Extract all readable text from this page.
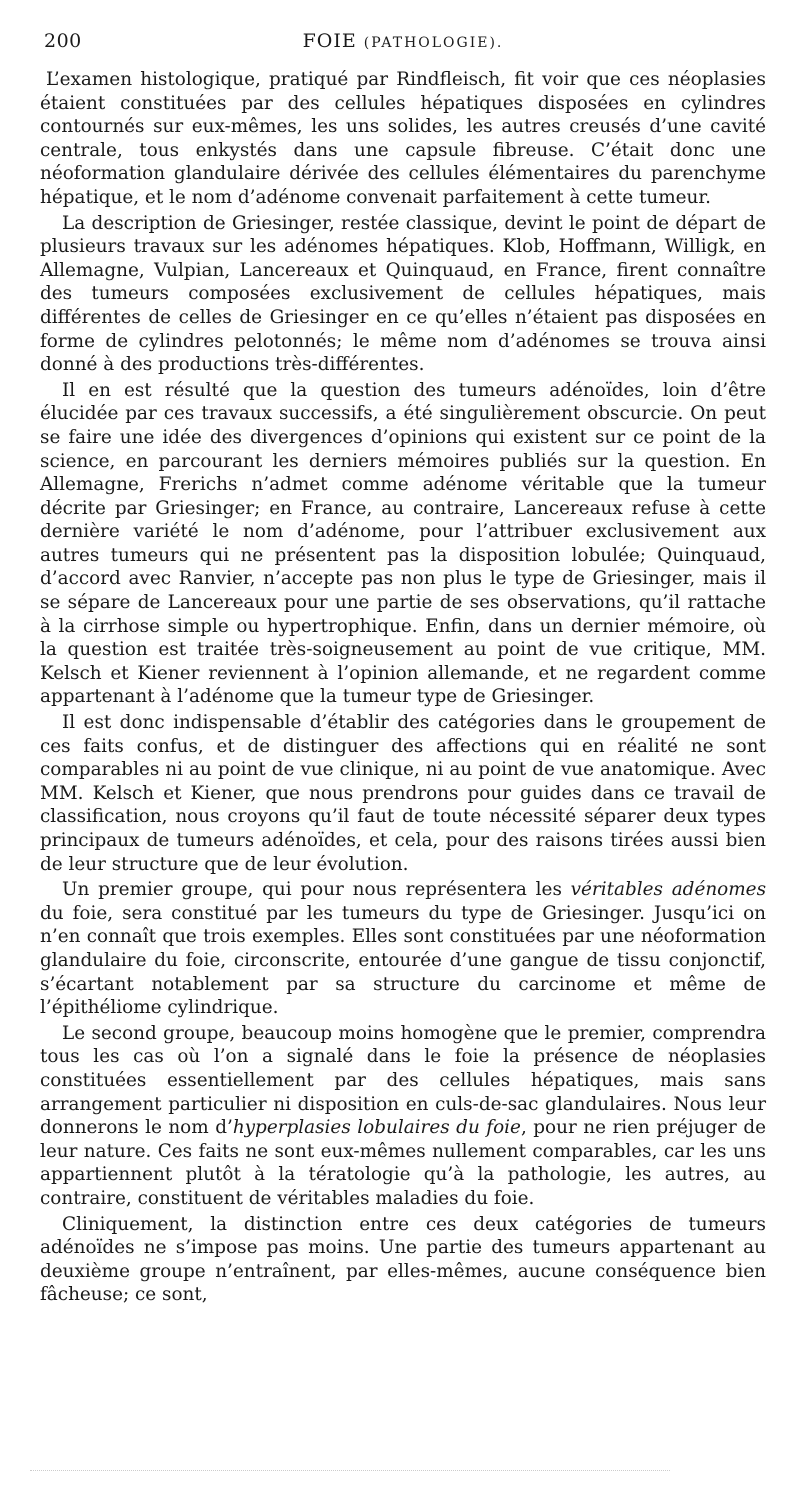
200	FOIE (PATHOLOGIE).

L’examen histologique, pratiqué par Rindfleisch, fit voir que ces néoplasies étaient constituées par des cellules hépatiques disposées en cylindres contournés sur eux-mêmes, les uns solides, les autres creusés d’une cavité centrale, tous enkystés dans une capsule fibreuse. C’était donc une néoformation glandulaire dérivée des cellules élémentaires du parenchyme hépatique, et le nom d’adénome convenait parfaitement à cette tumeur.

La description de Griesinger, restée classique, devint le point de départ de plusieurs travaux sur les adénomes hépatiques. Klob, Hoffmann, Willigk, en Allemagne, Vulpian, Lancereaux et Quinquaud, en France, firent connaître des tumeurs composées exclusivement de cellules hépatiques, mais différentes de celles de Griesinger en ce qu’elles n’étaient pas disposées en forme de cylindres pelotonnés; le même nom d’adénomes se trouva ainsi donné à des productions très-différentes.

Il en est résulté que la question des tumeurs adénoïdes, loin d’être élucidée par ces travaux successifs, a été singulièrement obscurcie. On peut se faire une idée des divergences d’opinions qui existent sur ce point de la science, en parcourant les derniers mémoires publiés sur la question. En Allemagne, Frerichs n’admet comme adénome véritable que la tumeur décrite par Griesinger; en France, au contraire, Lancereaux refuse à cette dernière variété le nom d’adénome, pour l’attribuer exclusivement aux autres tumeurs qui ne présentent pas la disposition lobulée; Quinquaud, d’accord avec Ranvier, n’accepte pas non plus le type de Griesinger, mais il se sépare de Lancereaux pour une partie de ses observations, qu’il rattache à la cirrhose simple ou hypertrophique. Enfin, dans un dernier mémoire, où la question est traitée très-soigneusement au point de vue critique, MM. Kelsch et Kiener reviennent à l’opinion allemande, et ne regardent comme appartenant à l’adénome que la tumeur type de Griesinger.

Il est donc indispensable d’établir des catégories dans le groupement de ces faits confus, et de distinguer des affections qui en réalité ne sont comparables ni au point de vue clinique, ni au point de vue anatomique. Avec MM. Kelsch et Kiener, que nous prendrons pour guides dans ce travail de classification, nous croyons qu’il faut de toute nécessité séparer deux types principaux de tumeurs adénoïdes, et cela, pour des raisons tirées aussi bien de leur structure que de leur évolution.

Un premier groupe, qui pour nous représentera les véritables adénomes du foie, sera constitué par les tumeurs du type de Griesinger. Jusqu’ici on n’en connaît que trois exemples. Elles sont constituées par une néoformation glandulaire du foie, circonscrite, entourée d’une gangue de tissu conjonctif, s’écartant notablement par sa structure du carcinome et même de l’épithéliome cylindrique.

Le second groupe, beaucoup moins homogène que le premier, comprendra tous les cas où l’on a signalé dans le foie la présence de néoplasies constituées essentiellement par des cellules hépatiques, mais sans arrangement particulier ni disposition en culs-de-sac glandulaires. Nous leur donnerons le nom d’hyperplasies lobulaires du foie, pour ne rien préjuger de leur nature. Ces faits ne sont eux-mêmes nullement comparables, car les uns appartiennent plutôt à la tératologie qu’à la pathologie, les autres, au contraire, constituent de véritables maladies du foie.

Cliniquement, la distinction entre ces deux catégories de tumeurs adénoïdes ne s’impose pas moins. Une partie des tumeurs appartenant au deuxième groupe n’entraînent, par elles-mêmes, aucune conséquence bien fâcheuse; ce sont,
